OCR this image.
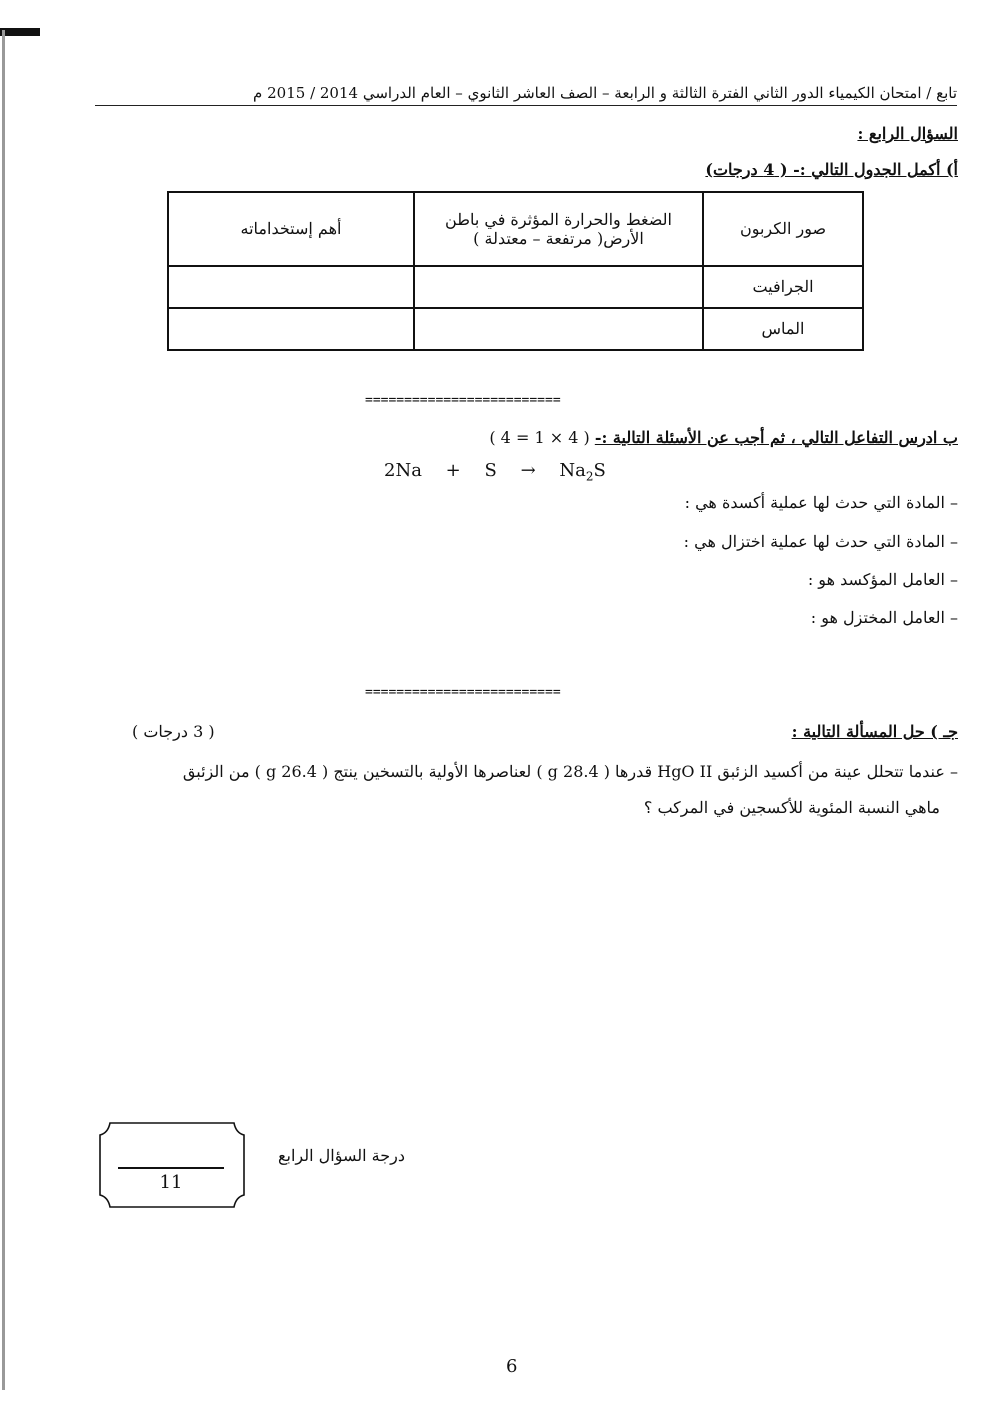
تابع / امتحان الكيمياء الدور الثاني الفترة الثالثة و الرابعة – الصف العاشر الثانوي – العام الدراسي 2014 / 2015 م
السؤال الرابع :
أ) أكمل الجدول التالي :- ( 4 درجات)
صور الكربون	الضغط والحرارة المؤثرة في باطن الأرض( مرتفعة – معتدلة )	أهم إستخداماته
الجرافيت		
الماس		
=========================
ب ادرس التفاعل التالي ، ثم أجب عن الأسئلة التالية :- ( 4 × 1 = 4 )
$2Na + S \to Na_2S$
– المادة التي حدث لها عملية أكسدة هي :
– المادة التي حدث لها عملية اختزال هي :
– العامل المؤكسد هو :
– العامل المختزل هو :
=========================
جـ ) حل المسألة التالية :
( 3 درجات )
– عندما تتحلل عينة من أكسيد الزئبق HgO II قدرها ( 28.4 g ) لعناصرها الأولية بالتسخين ينتج ( 26.4 g ) من الزئبق
ماهي النسبة المئوية للأكسجين في المركب ؟
11
درجة السؤال الرابع
6
